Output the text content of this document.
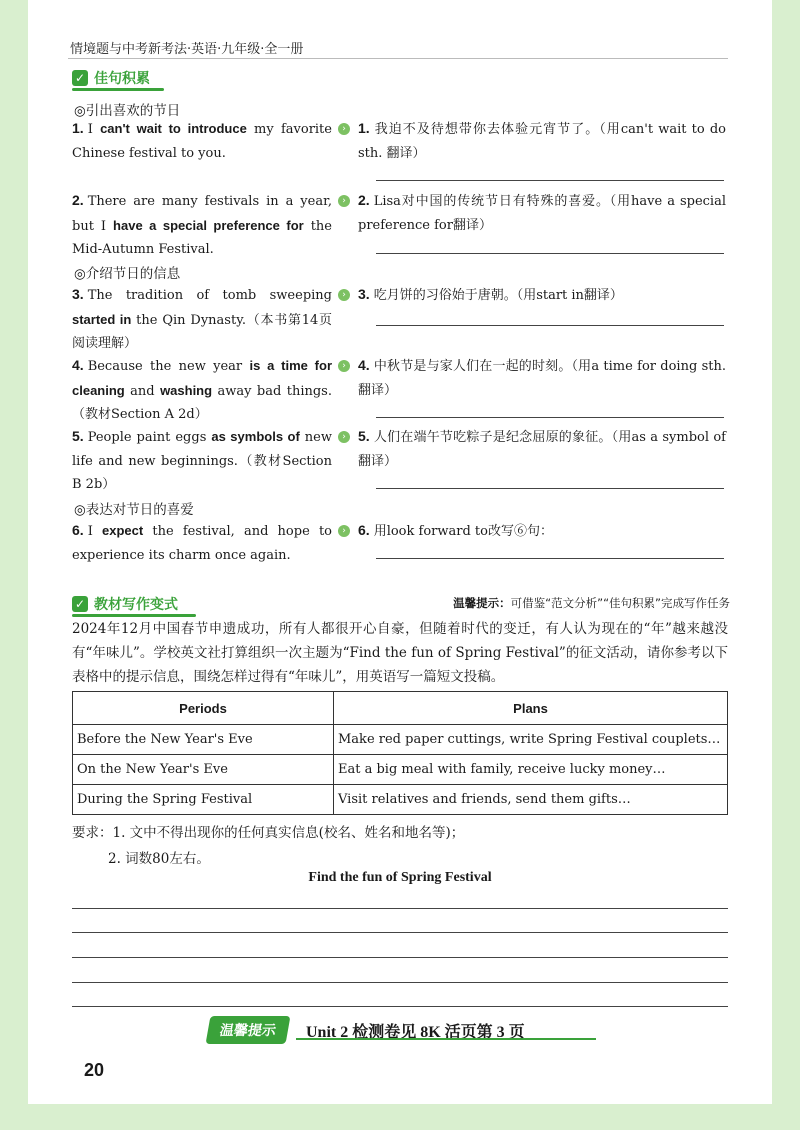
情境题与中考新考法·英语·九年级·全一册
✓ 佳句积累
◎引出喜欢的节日
◎介绍节日的信息
◎表达对节日的喜爱
1. I can't wait to introduce my favorite Chinese festival to you.
2. There are many festivals in a year, but I have a special preference for the Mid-Autumn Festival.
3. The tradition of tomb sweeping started in the Qin Dynasty.（本书第14页阅读理解）
4. Because the new year is a time for cleaning and washing away bad things.（教材Section A 2d）
5. People paint eggs as symbols of new life and new beginnings.（教材Section B 2b）
6. I expect the festival, and hope to experience its charm once again.
›
›
›
›
›
›
1. 我迫不及待想带你去体验元宵节了。（用can't wait to do sth. 翻译）
2. Lisa对中国的传统节日有特殊的喜爱。（用have a special preference for翻译）
3. 吃月饼的习俗始于唐朝。（用start in翻译）
4. 中秋节是与家人们在一起的时刻。（用a time for doing sth. 翻译）
5. 人们在端午节吃粽子是纪念屈原的象征。（用as a symbol of翻译）
6. 用look forward to改写⑥句：
✓ 教材写作变式	温馨提示：可借鉴“范文分析”“佳句积累”完成写作任务
2024年12月中国春节申遗成功，所有人都很开心自豪，但随着时代的变迁，有人认为现在的“年”越来越没有“年味儿”。学校英文社打算组织一次主题为“Find the fun of Spring Festival”的征文活动，请你参考以下表格中的提示信息，围绕怎样过得有“年味儿”，用英语写一篇短文投稿。
Periods	Plans
Before the New Year's Eve	Make red paper cuttings, write Spring Festival couplets…
On the New Year's Eve	Eat a big meal with family, receive lucky money…
During the Spring Festival	Visit relatives and friends, send them gifts…
要求：1. 文中不得出现你的任何真实信息(校名、姓名和地名等)；
2. 词数80左右。
Find the fun of Spring Festival
温馨提示	Unit 2 检测卷见 8K 活页第 3 页
20
